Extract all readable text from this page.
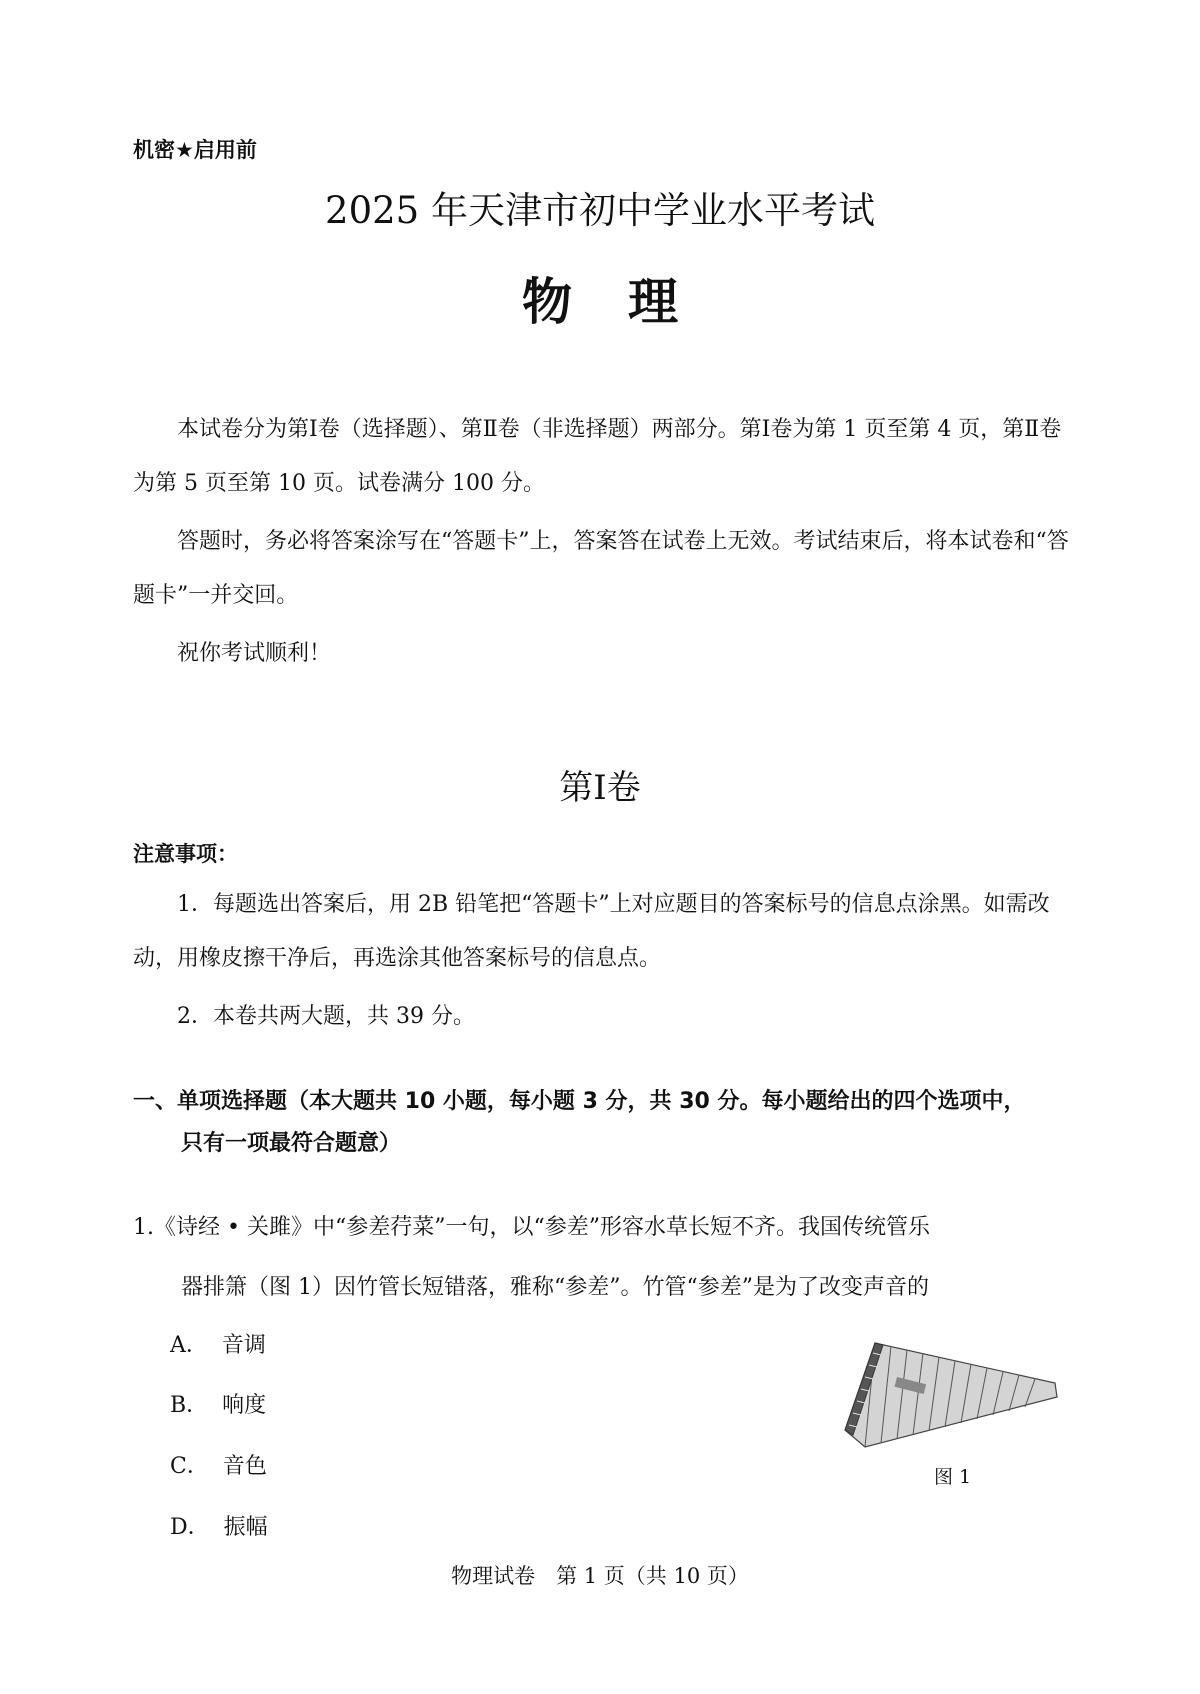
机密★启用前
2025 年天津市初中学业水平考试
物理
本试卷分为第Ⅰ卷（选择题）、第Ⅱ卷（非选择题）两部分。第Ⅰ卷为第 1 页至第 4 页，第Ⅱ卷为第 5 页至第 10 页。试卷满分 100 分。
答题时，务必将答案涂写在“答题卡”上，答案答在试卷上无效。考试结束后，将本试卷和“答题卡”一并交回。
祝你考试顺利！
第Ⅰ卷
注意事项：
1．每题选出答案后，用 2B 铅笔把“答题卡”上对应题目的答案标号的信息点涂黑。如需改动，用橡皮擦干净后，再选涂其他答案标号的信息点。
2．本卷共两大题，共 39 分。
一、单项选择题（本大题共 10 小题，每小题 3 分，共 30 分。每小题给出的四个选项中，
只有一项最符合题意）
1.《诗经 • 关雎》中“参差荇菜”一句，以“参差”形容水草长短不齐。我国传统管乐
器排箫（图 1）因竹管长短错落，雅称“参差”。竹管“参差”是为了改变声音的
A． 音调
B． 响度
C． 音色
D． 振幅
图 1
物理试卷　第 1 页（共 10 页）
